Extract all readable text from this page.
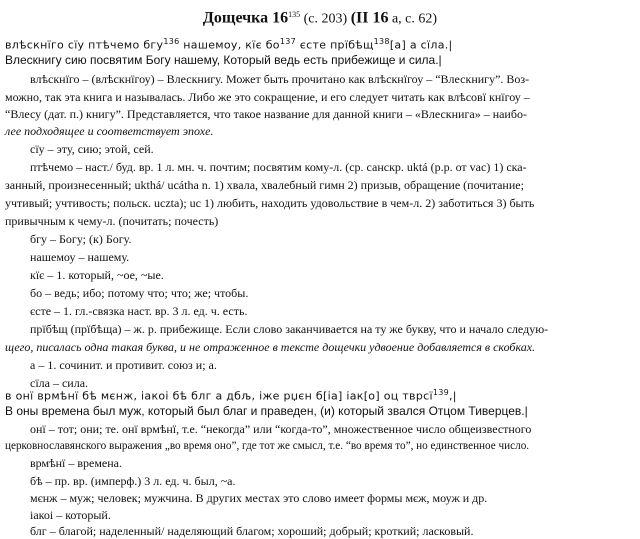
Дощечка $16^{135}$ (с. 203) (II 16 а, с. 62)
влѣскнїго сїу птѣчемо бгу$^{136}$ нашемоу, кїє $бо^{137}$ єсте прїбѣщ$^{138}$[а] а сїла.|
Влескнигу сию посвятим Богу нашему, Который ведь есть прибежище и сила.|
влѣскнїго – (влѣскнїгоу) – Влескнигу. Может быть прочитано как влѣскнїгоу – “Влескнигу”. Воз-
можно, так эта книга и называлась. Либо же это сокращение, и его следует читать как влѣсовї кнїгоу –
“Влесу (дат. п.) книгу”. Представляется, что такое название для данной книги – «Влескнига» – наибо-
лее подходящее и соответствует эпохе.
сїу – эту, сию; этой, сей.
птѣчемо – наст./ буд. вр. 1 л. мн. ч. почтим; посвятим кому-л. (ср. санскр. uktá (р.р. от vac) 1) ска-
занный, произнесенный; ukthá/ ucátha n. 1) хвала, хвалебный гимн 2) призыв, обращение (почитание;
учтивый; учтивость; польск. uczta); uc 1) любить, находить удовольствие в чем-л. 2) заботиться 3) быть
привычным к чему-л. (почитать; почесть)
бгу – Богу; (к) Богу.
нашемоу – нашему.
кїє – 1. который, ~ое, ~ые.
бо – ведь; ибо; потому что; что; же; чтобы.
єсте – 1. гл.-связка наст. вр. 3 л. ед. ч. есть.
прїбѣщ (прїбѣща) – ж. р. прибежище. Если слово заканчивается на ту же букву, что и начало следую-
щего, писалась одна такая буква, и не отраженное в тексте дощечки удвоение добавляется в скобках.
а – 1. сочинит. и противит. союз и; а.
сїла – сила.
в онї врмѣнї бѣ мєнж, іакоі бѣ блг а дбљ, іже рџєн б[іа] іак[о] оц тврсї$^{139}$,|
В оны времена был муж, который был благ и праведен, (и) который звался Отцом Тиверцев.|
онї – тот; они; те. онї врмѣнї, т.е. “некогда” или “когда-то”, множественное число общеизвестного
церковнославянского выражения „во время оно”, где тот же смысл, т.е. “во время то”, но единственное число.
врмѣнї – времена.
бѣ – пр. вр. (имперф.) 3 л. ед. ч. был, ~а.
мєнж – муж; человек; мужчина. В других местах это слово имеет формы мєж, моуж и др.
іакоі – который.
блг – благой; наделенный/ наделяющий благом; хороший; добрый; кроткий; ласковый.
